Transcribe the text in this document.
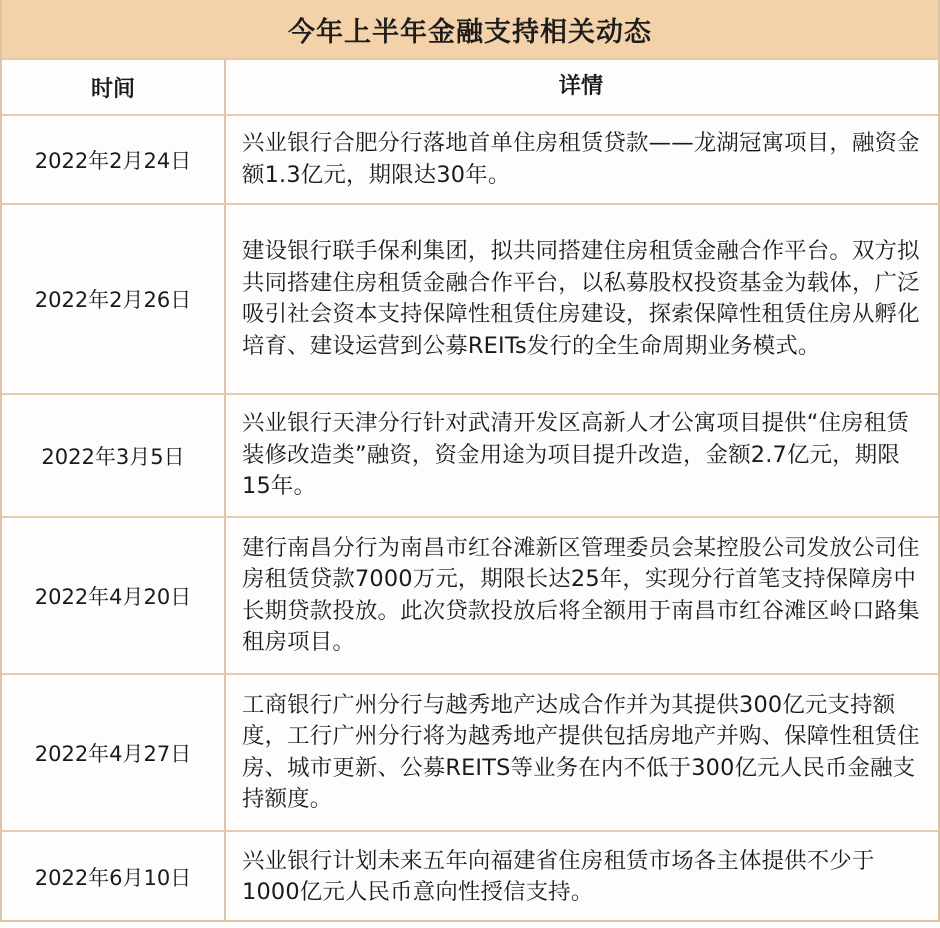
今年上半年金融支持相关动态
时间	详情
2022年2月24日
兴业银行合肥分行落地首单住房租赁贷款——龙湖冠寓项目，融资金额1.3亿元，期限达30年。
2022年2月26日
建设银行联手保利集团，拟共同搭建住房租赁金融合作平台。双方拟共同搭建住房租赁金融合作平台，以私募股权投资基金为载体，广泛吸引社会资本支持保障性租赁住房建设，探索保障性租赁住房从孵化培育、建设运营到公募REITs发行的全生命周期业务模式。
2022年3月5日
兴业银行天津分行针对武清开发区高新人才公寓项目提供“住房租赁装修改造类”融资，资金用途为项目提升改造，金额2.7亿元，期限15年。
2022年4月20日
建行南昌分行为南昌市红谷滩新区管理委员会某控股公司发放公司住房租赁贷款7000万元，期限长达25年，实现分行首笔支持保障房中长期贷款投放。此次贷款投放后将全额用于南昌市红谷滩区岭口路集租房项目。
2022年4月27日
工商银行广州分行与越秀地产达成合作并为其提供300亿元支持额度，工行广州分行将为越秀地产提供包括房地产并购、保障性租赁住房、城市更新、公募REITS等业务在内不低于300亿元人民币金融支持额度。
2022年6月10日
兴业银行计划未来五年向福建省住房租赁市场各主体提供不少于1000亿元人民币意向性授信支持。
